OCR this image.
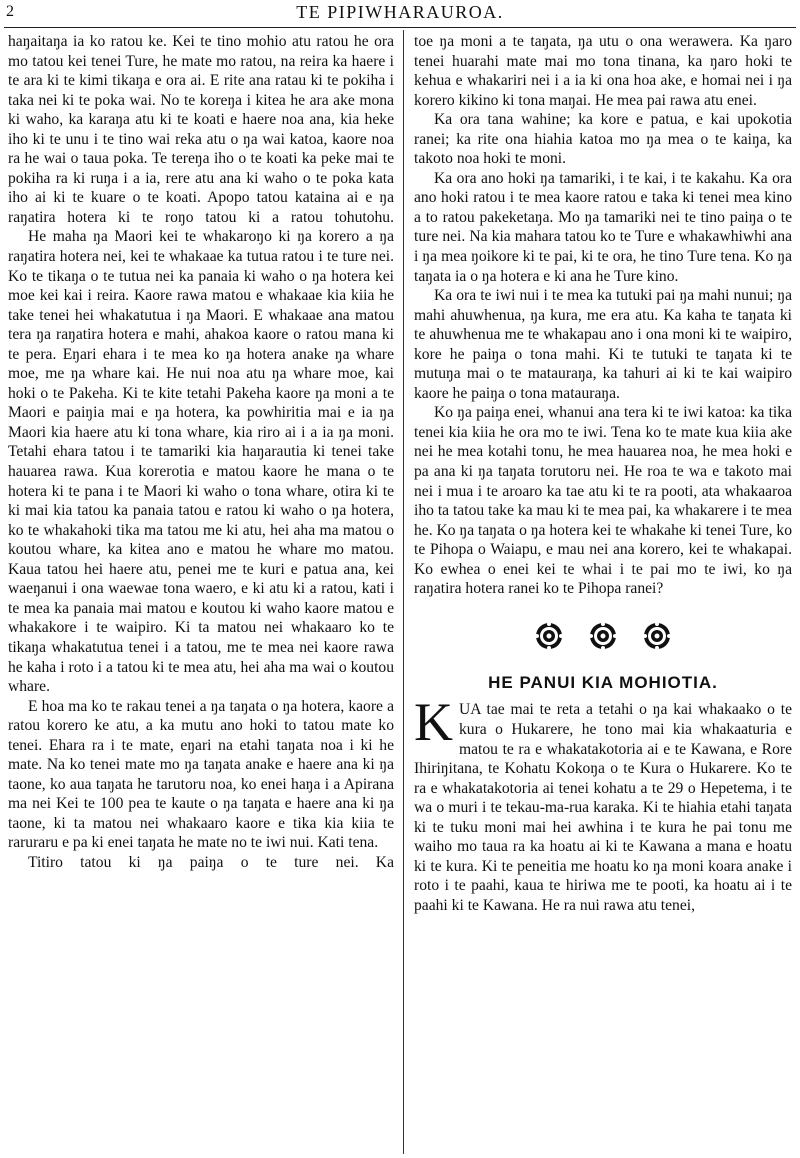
2	TE PIPIWHARAUROA.

haŋaitaŋa ia ko ratou ke. Kei te tino mohio atu ratou he ora mo tatou kei tenei Ture, he mate mo ratou, na reira ka haere i te ara ki te kimi tikaŋa e ora ai. E rite ana ratau ki te pokiha i taka nei ki te poka wai. No te koreŋa i kitea he ara ake mona ki waho, ka karaŋa atu ki te koati e haere noa ana, kia heke iho ki te unu i te tino wai reka atu o ŋa wai katoa, kaore noa ra he wai o taua poka. Te tereŋa iho o te koati ka peke mai te pokiha ra ki ruŋa i a ia, rere atu ana ki waho o te poka kata iho ai ki te kuare o te koati. Apopo tatou kataina ai e ŋa raŋatira hotera ki te roŋo tatou ki a ratou tohutohu.

He maha ŋa Maori kei te whakaroŋo ki ŋa korero a ŋa raŋatira hotera nei, kei te whakaae ka tutua ratou i te ture nei. Ko te tikaŋa o te tutua nei ka panaia ki waho o ŋa hotera kei moe kei kai i reira. Kaore rawa matou e whakaae kia kiia he take tenei hei whakatutua i ŋa Maori. E whakaae ana matou tera ŋa raŋatira hotera e mahi, ahakoa kaore o ratou mana ki te pera. Eŋari ehara i te mea ko ŋa hotera anake ŋa whare moe, me ŋa whare kai. He nui noa atu ŋa whare moe, kai hoki o te Pakeha. Ki te kite tetahi Pakeha kaore ŋa moni a te Maori e paiŋia mai e ŋa hotera, ka powhiritia mai e ia ŋa Maori kia haere atu ki tona whare, kia riro ai i a ia ŋa moni. Tetahi ehara tatou i te tamariki kia haŋarautia ki tenei take hauarea rawa. Kua korerotia e matou kaore he mana o te hotera ki te pana i te Maori ki waho o tona whare, otira ki te ki mai kia tatou ka panaia tatou e ratou ki waho o ŋa hotera, ko te whakahoki tika ma tatou me ki atu, hei aha ma matou o koutou whare, ka kitea ano e matou he whare mo matou. Kaua tatou hei haere atu, penei me te kuri e patua ana, kei waeŋanui i ona waewae tona waero, e ki atu ki a ratou, kati i te mea ka panaia mai matou e koutou ki waho kaore matou e whakakore i te waipiro. Ki ta matou nei whakaaro ko te tikaŋa whakatutua tenei i a tatou, me te mea nei kaore rawa he kaha i roto i a tatou ki te mea atu, hei aha ma wai o koutou whare.

E hoa ma ko te rakau tenei a ŋa taŋata o ŋa hotera, kaore a ratou korero ke atu, a ka mutu ano hoki to tatou mate ko tenei. Ehara ra i te mate, eŋari na etahi taŋata noa i ki he mate. Na ko tenei mate mo ŋa taŋata anake e haere ana ki ŋa taone, ko aua taŋata he tarutoru noa, ko enei haŋa i a Apirana ma nei Kei te 100 pea te kaute o ŋa taŋata e haere ana ki ŋa taone, ki ta matou nei whakaaro kaore e tika kia kiia te raruraru e pa ki enei taŋata he mate no te iwi nui. Kati tena.

Titiro tatou ki ŋa paiŋa o te ture nei. Ka

toe ŋa moni a te taŋata, ŋa utu o ona werawera. Ka ŋaro tenei huarahi mate mai mo tona tinana, ka ŋaro hoki te kehua e whakariri nei i a ia ki ona hoa ake, e homai nei i ŋa korero kikino ki tona maŋai. He mea pai rawa atu enei.

Ka ora tana wahine; ka kore e patua, e kai upokotia ranei; ka rite ona hiahia katoa mo ŋa mea o te kaiŋa, ka takoto noa hoki te moni.

Ka ora ano hoki ŋa tamariki, i te kai, i te kakahu. Ka ora ano hoki ratou i te mea kaore ratou e taka ki tenei mea kino a to ratou pakeketaŋa. Mo ŋa tamariki nei te tino paiŋa o te ture nei. Na kia mahara tatou ko te Ture e whakawhiwhi ana i ŋa mea ŋoikore ki te pai, ki te ora, he tino Ture tena. Ko ŋa taŋata ia o ŋa hotera e ki ana he Ture kino.

Ka ora te iwi nui i te mea ka tutuki pai ŋa mahi nunui; ŋa mahi ahuwhenua, ŋa kura, me era atu. Ka kaha te taŋata ki te ahuwhenua me te whakapau ano i ona moni ki te waipiro, kore he paiŋa o tona mahi. Ki te tutuki te taŋata ki te mutuŋa mai o te matauraŋa, ka tahuri ai ki te kai waipiro kaore he paiŋa o tona matauraŋa.

Ko ŋa paiŋa enei, whanui ana tera ki te iwi katoa: ka tika tenei kia kiia he ora mo te iwi. Tena ko te mate kua kiia ake nei he mea kotahi tonu, he mea hauarea noa, he mea hoki e pa ana ki ŋa taŋata torutoru nei. He roa te wa e takoto mai nei i mua i te aroaro ka tae atu ki te ra pooti, ata whakaaroa iho ta tatou take ka mau ki te mea pai, ka whakarere i te mea he. Ko ŋa taŋata o ŋa hotera kei te whakahe ki tenei Ture, ko te Pihopa o Waiapu, e mau nei ana korero, kei te whakapai. Ko ewhea o enei kei te whai i te pai mo te iwi, ko ŋa raŋatira hotera ranei ko te Pihopa ranei?

HE PANUI KIA MOHIOTIA.

KUA tae mai te reta a tetahi o ŋa kai whakaako o te kura o Hukarere, he tono mai kia whakaaturia e matou te ra e whakatakotoria ai e te Kawana, e Rore Ihiriŋitana, te Kohatu Kokoŋa o te Kura o Hukarere. Ko te ra e whakatakotoria ai tenei kohatu a te 29 o Hepetema, i te wa o muri i te tekau-ma-rua karaka. Ki te hiahia etahi taŋata ki te tuku moni mai hei awhina i te kura he pai tonu me waiho mo taua ra ka hoatu ai ki te Kawana a mana e hoatu ki te kura. Ki te peneitia me hoatu ko ŋa moni koara anake i roto i te paahi, kaua te hiriwa me te pooti, ka hoatu ai i te paahi ki te Kawana. He ra nui rawa atu tenei,
